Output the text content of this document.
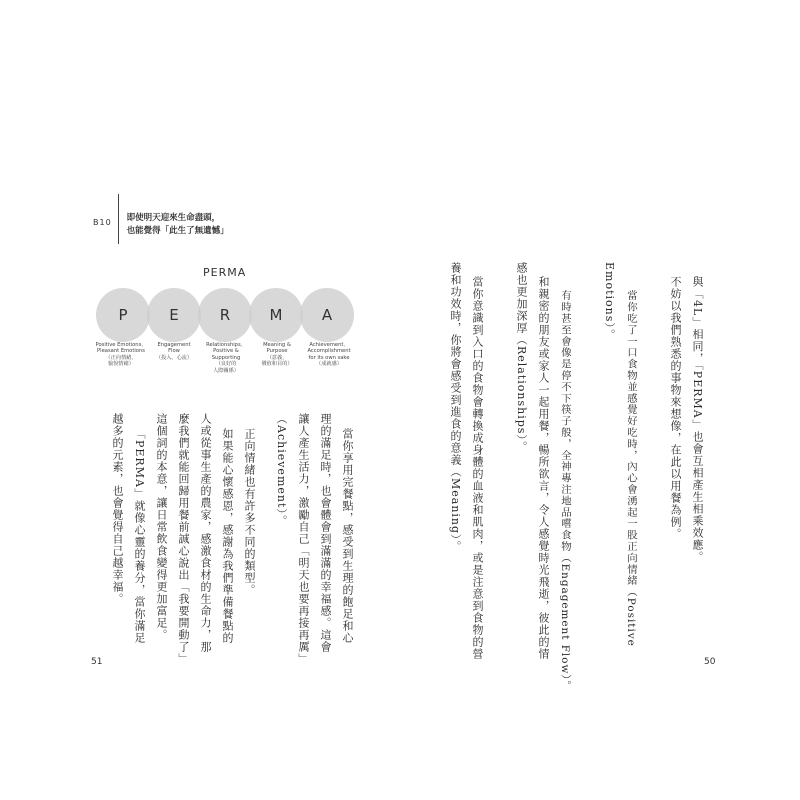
B10 即使明天迎來生命盡頭，
也能覺得「此生了無遺憾」
PERMA
P	E	R	M	A
Positive Emotions、
Pleasant Emotions
（正向情緒、
愉悅情緒）
Engagement
Flow
（投入、心流）
Relationships、
Positive &
Supporting
（良好的
人際關係）
Meaning &
Purpose
（意義、
價值和目的）
Achievement、
Accomplishment
for its own sake
（成就感）
當你享用完餐點，感受到生理的飽足和心
理的滿足時，也會體會到滿滿的幸福感。這會
讓人產生活力，激勵自己「明天也要再接再厲」
（Achievement）。
正向情緒也有許多不同的類型。
如果能心懷感恩，感謝為我們準備餐點的
人或從事生產的農家，感激食材的生命力，那
麼我們就能回歸用餐前誠心說出「我要開動了」
這個詞的本意，讓日常飲食變得更加富足。
「PERMA」就像心靈的養分，當你滿足
越多的元素，也會覺得自己越幸福。
51
與「4L」相同，「PERMA」也會互相產生相乘效應。
不妨以我們熟悉的事物來想像，在此以用餐為例。
當你吃了一口食物並感覺好吃時，內心會湧起一股正向情緒（Positive
Emotions）。
有時甚至會像是停不下筷子般，全神專注地品嚐食物（Engagement Flow）。
和親密的朋友或家人一起用餐，暢所欲言，令人感覺時光飛逝，彼此的情
感也更加深厚（Relationships）。
當你意識到入口的食物會轉換成身體的血液和肌肉，或是注意到食物的營
養和功效時，你將會感受到進食的意義（Meaning）。
50
